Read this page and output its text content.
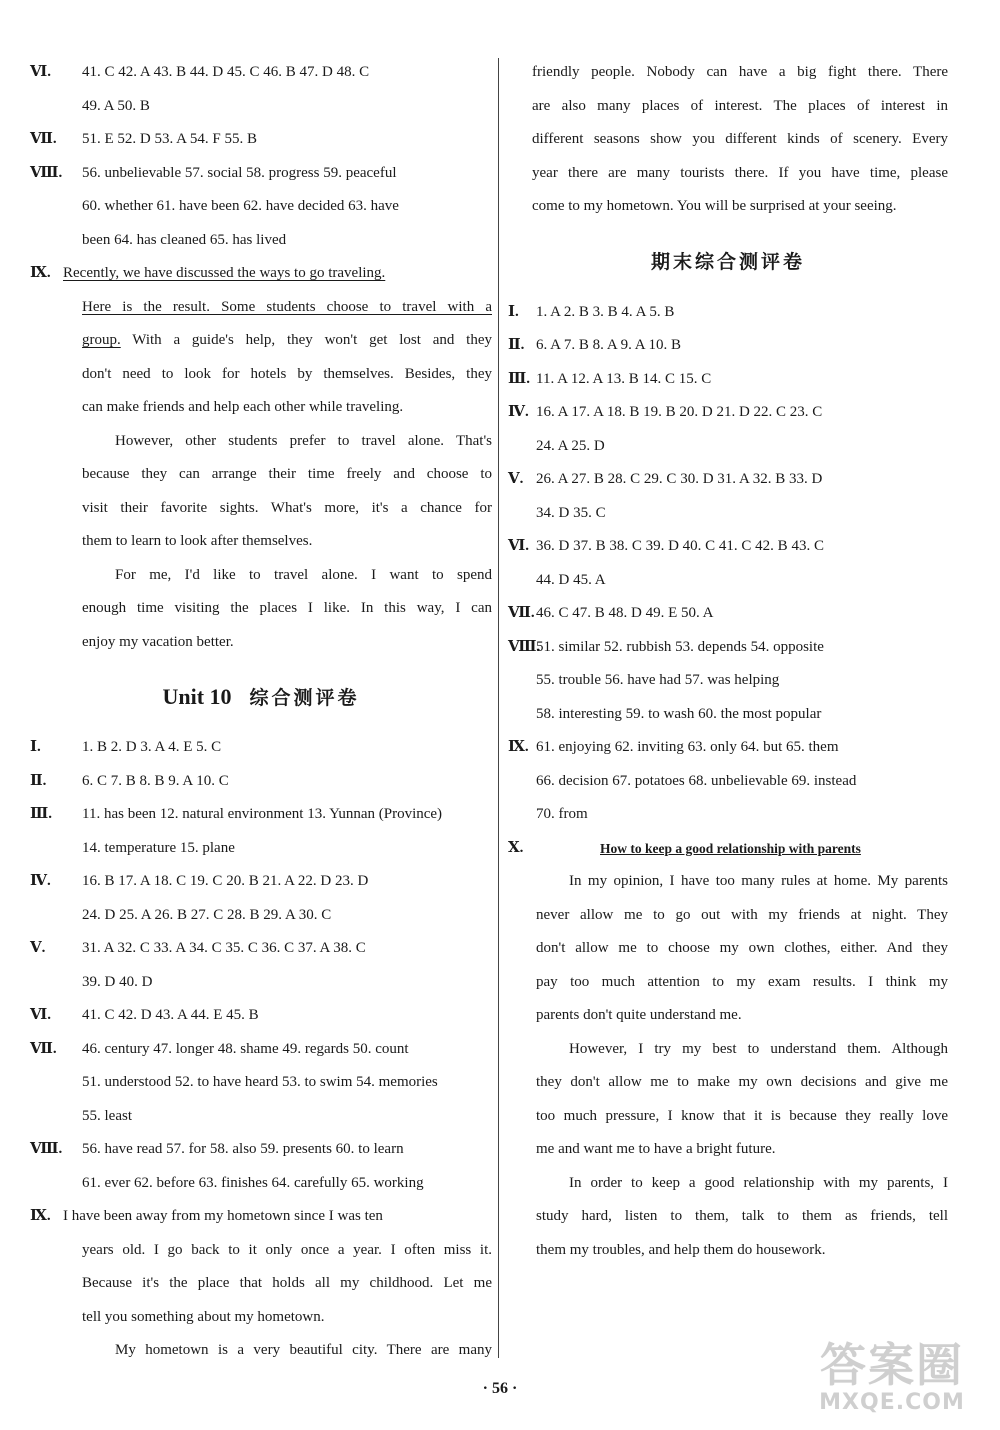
Ⅵ. 41. C 42. A 43. B 44. D 45. C 46. B 47. D 48. C
49. A 50. B
Ⅶ. 51. E 52. D 53. A 54. F 55. B
Ⅷ. 56. unbelievable 57. social 58. progress 59. peaceful
60. whether 61. have been 62. have decided 63. have
been 64. has cleaned 65. has lived
Ⅸ. Recently, we have discussed the ways to go traveling.
Here is the result. Some students choose to travel with a
group. With a guide's help, they won't get lost and they
don't need to look for hotels by themselves. Besides, they
can make friends and help each other while traveling.
However, other students prefer to travel alone. That's
because they can arrange their time freely and choose to
visit their favorite sights. What's more, it's a chance for
them to learn to look after themselves.
For me, I'd like to travel alone. I want to spend
enough time visiting the places I like. In this way, I can
enjoy my vacation better.
Unit 10 综合测评卷
Ⅰ.	1. B 2. D 3. A 4. E 5. C
Ⅱ. 6. C 7. B 8. B 9. A 10. C
Ⅲ. 11. has been 12. natural environment 13. Yunnan (Province)
14. temperature 15. plane
Ⅳ. 16. B 17. A 18. C 19. C 20. B 21. A 22. D 23. D
24. D 25. A 26. B 27. C 28. B 29. A 30. C
Ⅴ. 31. A 32. C 33. A 34. C 35. C 36. C 37. A 38. C
39. D 40. D
Ⅵ. 41. C 42. D 43. A 44. E 45. B
Ⅶ. 46. century 47. longer 48. shame 49. regards 50. count
51. understood 52. to have heard 53. to swim 54. memories
55. least
Ⅷ. 56. have read 57. for 58. also 59. presents 60. to learn
61. ever 62. before 63. finishes 64. carefully 65. working
Ⅸ. I have been away from my hometown since I was ten
years old. I go back to it only once a year. I often miss it.
Because it's the place that holds all my childhood. Let me
tell you something about my hometown.
My hometown is a very beautiful city. There are many
friendly people. Nobody can have a big fight there. There
are also many places of interest. The places of interest in
different seasons show you different kinds of scenery. Every
year there are many tourists there. If you have time, please
come to my hometown. You will be surprised at your seeing.
期末综合测评卷
Ⅰ. 1. A 2. B 3. B 4. A 5. B
Ⅱ. 6. A 7. B 8. A 9. A 10. B
Ⅲ. 11. A 12. A 13. B 14. C 15. C
Ⅳ. 16. A 17. A 18. B 19. B 20. D 21. D 22. C 23. C
24. A 25. D
Ⅴ. 26. A 27. B 28. C 29. C 30. D 31. A 32. B 33. D
34. D 35. C
Ⅵ. 36. D 37. B 38. C 39. D 40. C 41. C 42. B 43. C
44. D 45. A
Ⅶ.46. C 47. B 48. D 49. E 50. A
Ⅷ.51. similar 52. rubbish 53. depends 54. opposite
55. trouble 56. have had 57. was helping
58. interesting 59. to wash 60. the most popular
Ⅸ. 61. enjoying 62. inviting 63. only 64. but 65. them
66. decision 67. potatoes 68. unbelievable 69. instead
70. from
Ⅹ.	How to keep a good relationship with parents
In my opinion, I have too many rules at home. My parents
never allow me to go out with my friends at night. They
don't allow me to choose my own clothes, either. And they
pay too much attention to my exam results. I think my
parents don't quite understand me.
However, I try my best to understand them. Although
they don't allow me to make my own decisions and give me
too much pressure, I know that it is because they really love
me and want me to have a bright future.
In order to keep a good relationship with my parents, I
study hard, listen to them, talk to them as friends, tell
them my troubles, and help them do housework.
· 56 ·	答案圈
MXQE.COM
